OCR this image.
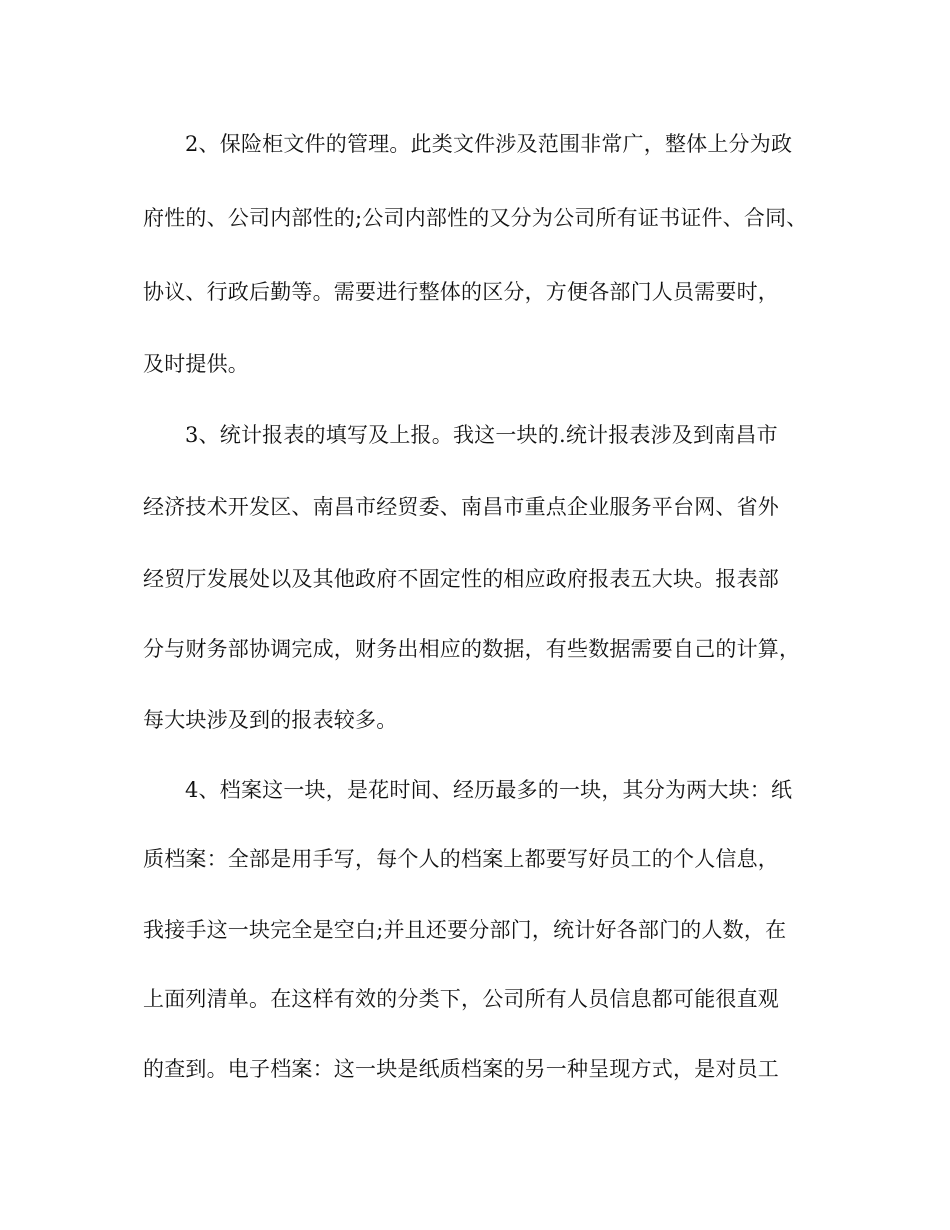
2、保险柜文件的管理。此类文件涉及范围非常广，整体上分为政

府性的、公司内部性的;公司内部性的又分为公司所有证书证件、合同、

协议、行政后勤等。需要进行整体的区分，方便各部门人员需要时，

及时提供。

3、统计报表的填写及上报。我这一块的.统计报表涉及到南昌市

经济技术开发区、南昌市经贸委、南昌市重点企业服务平台网、省外

经贸厅发展处以及其他政府不固定性的相应政府报表五大块。报表部

分与财务部协调完成，财务出相应的数据，有些数据需要自己的计算，

每大块涉及到的报表较多。

4、档案这一块，是花时间、经历最多的一块，其分为两大块：纸

质档案：全部是用手写，每个人的档案上都要写好员工的个人信息，

我接手这一块完全是空白;并且还要分部门，统计好各部门的人数，在

上面列清单。在这样有效的分类下，公司所有人员信息都可能很直观

的查到。电子档案：这一块是纸质档案的另一种呈现方式，是对员工
